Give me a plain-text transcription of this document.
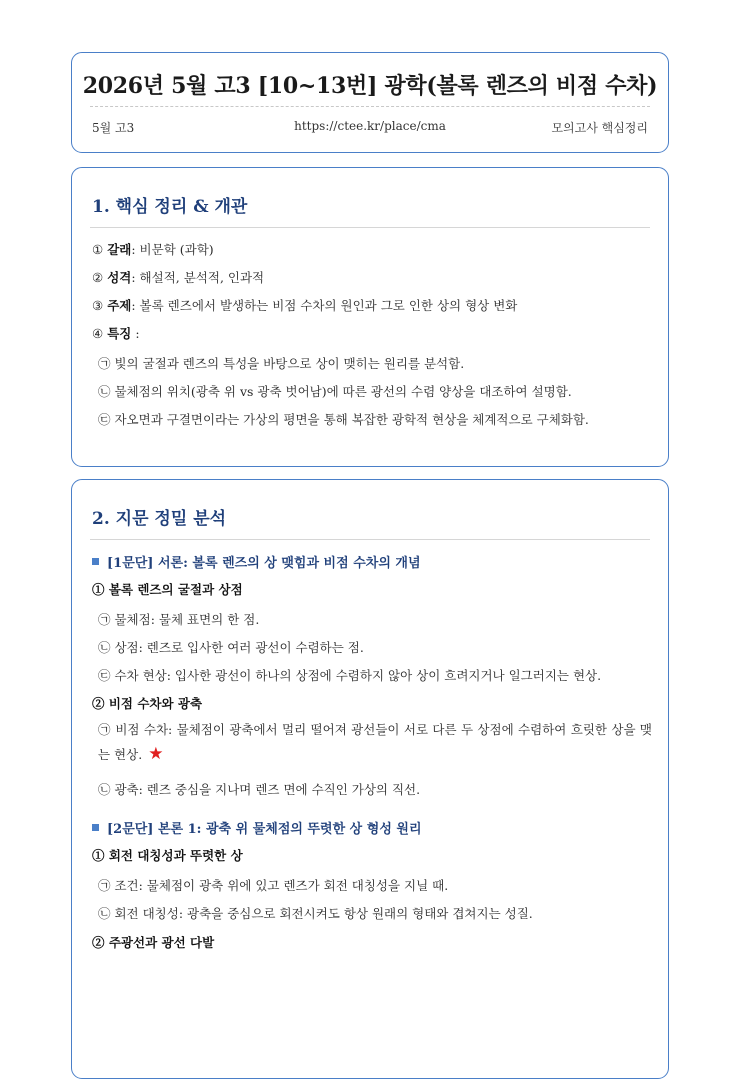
2026년 5월 고3 [10~13번] 광학(볼록 렌즈의 비점 수차)
5월 고3	https://ctee.kr/place/cma	모의고사 핵심정리
1. 핵심 정리 & 개관
① 갈래: 비문학 (과학)
② 성격: 해설적, 분석적, 인과적
③ 주제: 볼록 렌즈에서 발생하는 비점 수차의 원인과 그로 인한 상의 형상 변화
④ 특징 :
㉠ 빛의 굴절과 렌즈의 특성을 바탕으로 상이 맺히는 원리를 분석함.
㉡ 물체점의 위치(광축 위 vs 광축 벗어남)에 따른 광선의 수렴 양상을 대조하여 설명함.
㉢ 자오면과 구결면이라는 가상의 평면을 통해 복잡한 광학적 현상을 체계적으로 구체화함.
2. 지문 정밀 분석
[1문단] 서론: 볼록 렌즈의 상 맺힘과 비점 수차의 개념
① 볼록 렌즈의 굴절과 상점
㉠ 물체점: 물체 표면의 한 점.
㉡ 상점: 렌즈로 입사한 여러 광선이 수렴하는 점.
㉢ 수차 현상: 입사한 광선이 하나의 상점에 수렴하지 않아 상이 흐려지거나 일그러지는 현상.
② 비점 수차와 광축
㉠ 비점 수차: 물체점이 광축에서 멀리 떨어져 광선들이 서로 다른 두 상점에 수렴하여 흐릿한 상을 맺는 현상. ★
㉡ 광축: 렌즈 중심을 지나며 렌즈 면에 수직인 가상의 직선.
[2문단] 본론 1: 광축 위 물체점의 뚜렷한 상 형성 원리
① 회전 대칭성과 뚜렷한 상
㉠ 조건: 물체점이 광축 위에 있고 렌즈가 회전 대칭성을 지닐 때.
㉡ 회전 대칭성: 광축을 중심으로 회전시켜도 항상 원래의 형태와 겹쳐지는 성질.
② 주광선과 광선 다발
